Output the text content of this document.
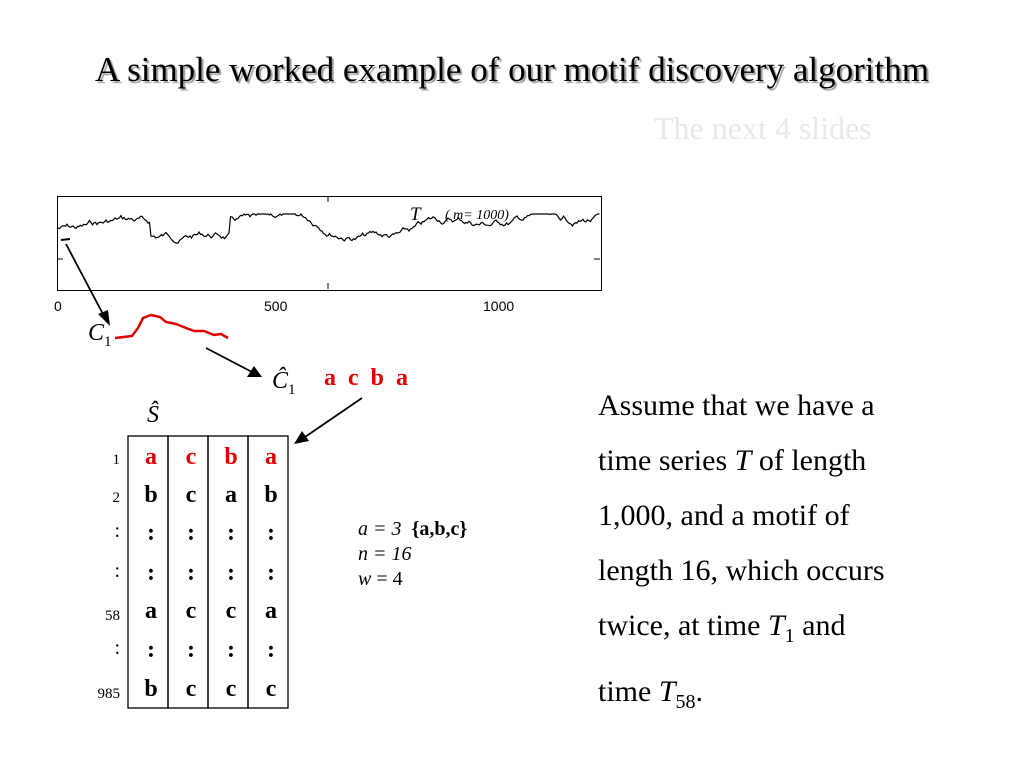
A simple worked example of our motif discovery algorithm
The next 4 slides
T ( m= 1000)
0	500	1000
$C_1$
$Ĉ_1$ a  c  b  a
Ŝ
1	a	c	b	a
2	b	c	a	b
:	:	:	:	:
:	:	:	:	:
58	a	c	c	a
:	:	:	:	:
985	b	c	c	c
a = 3 {a,b,c}
n = 16
w = 4
Assume that we have a
time series T of length
1,000, and a motif of
length 16, which occurs
twice, at time $T_1$ and
time $T_{58}$.
